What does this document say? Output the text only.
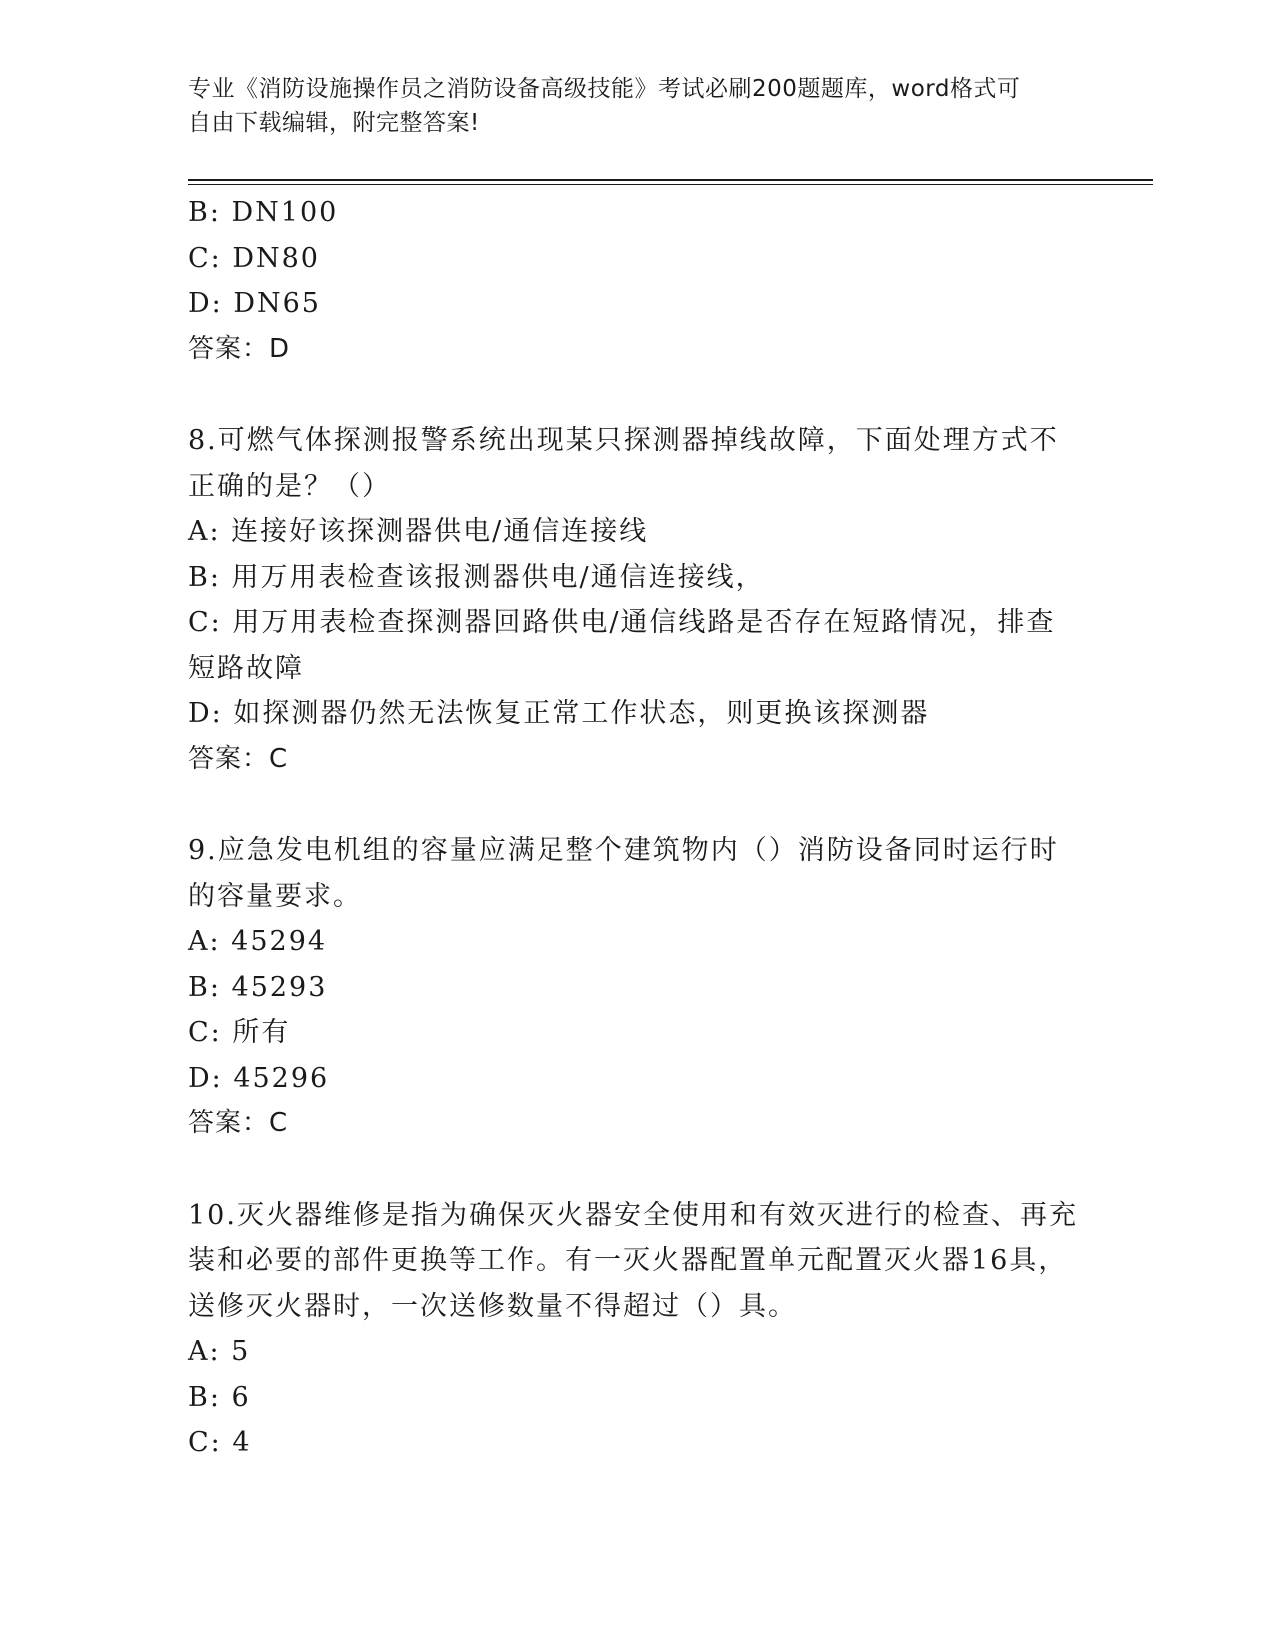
专业《消防设施操作员之消防设备高级技能》考试必刷200题题库，word格式可
自由下载编辑，附完整答案!
B: DN100
C: DN80
D: DN65
答案：D
8.可燃气体探测报警系统出现某只探测器掉线故障，下面处理方式不
正确的是？（）
A: 连接好该探测器供电/通信连接线
B: 用万用表检查该报测器供电/通信连接线，
C: 用万用表检查探测器回路供电/通信线路是否存在短路情况，排查
短路故障
D: 如探测器仍然无法恢复正常工作状态，则更换该探测器
答案：C
9.应急发电机组的容量应满足整个建筑物内（）消防设备同时运行时
的容量要求。
A: 45294
B: 45293
C: 所有
D: 45296
答案：C
10.灭火器维修是指为确保灭火器安全使用和有效灭进行的检查、再充
装和必要的部件更换等工作。有一灭火器配置单元配置灭火器16具，
送修灭火器时，一次送修数量不得超过（）具。
A: 5
B: 6
C: 4
